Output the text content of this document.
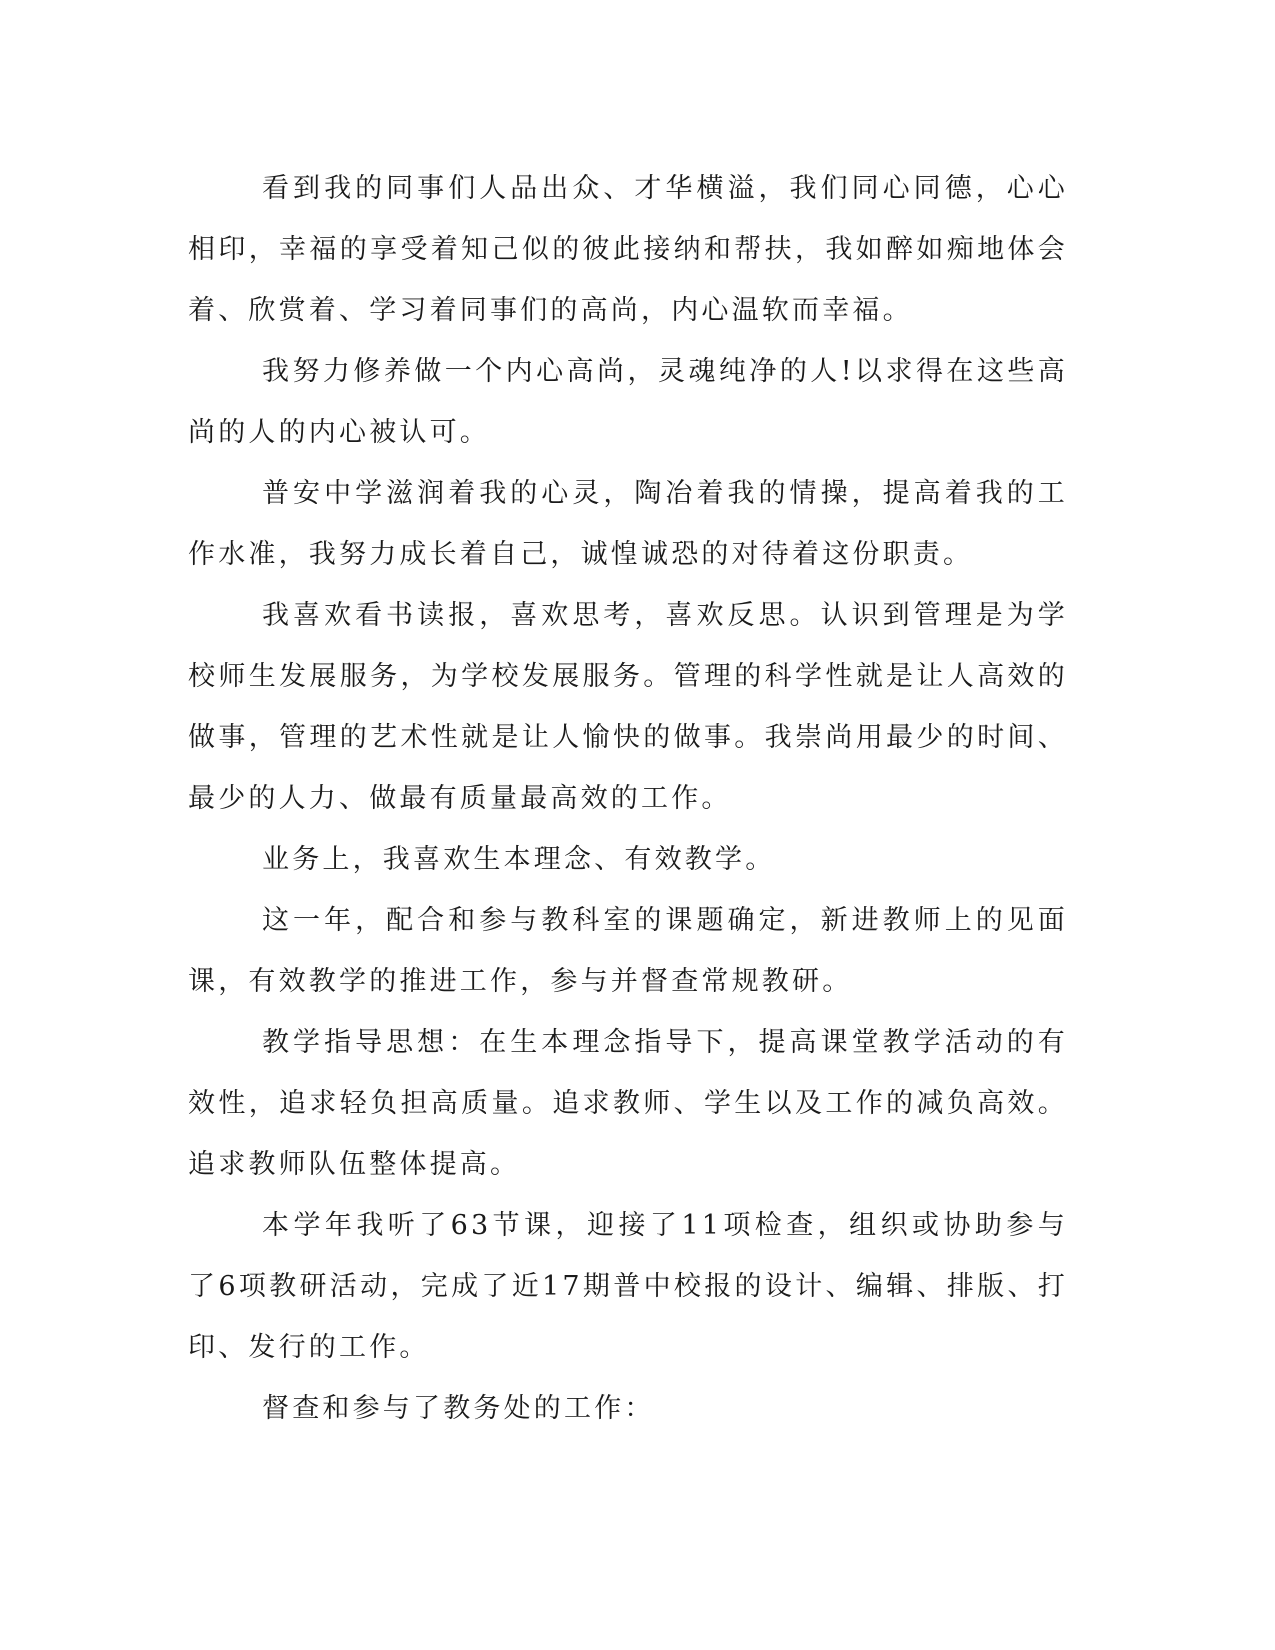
看到我的同事们人品出众、才华横溢，我们同心同德，心心相印，幸福的享受着知己似的彼此接纳和帮扶，我如醉如痴地体会着、欣赏着、学习着同事们的高尚，内心温软而幸福。

我努力修养做一个内心高尚，灵魂纯净的人!以求得在这些高尚的人的内心被认可。

普安中学滋润着我的心灵，陶冶着我的情操，提高着我的工作水准，我努力成长着自己，诚惶诚恐的对待着这份职责。

我喜欢看书读报，喜欢思考，喜欢反思。认识到管理是为学校师生发展服务，为学校发展服务。管理的科学性就是让人高效的做事，管理的艺术性就是让人愉快的做事。我崇尚用最少的时间、最少的人力、做最有质量最高效的工作。

业务上，我喜欢生本理念、有效教学。

这一年，配合和参与教科室的课题确定，新进教师上的见面课，有效教学的推进工作，参与并督查常规教研。

教学指导思想：在生本理念指导下，提高课堂教学活动的有效性，追求轻负担高质量。追求教师、学生以及工作的减负高效。追求教师队伍整体提高。

本学年我听了63节课，迎接了11项检查，组织或协助参与了6项教研活动，完成了近17期普中校报的设计、编辑、排版、打印、发行的工作。

督查和参与了教务处的工作：
